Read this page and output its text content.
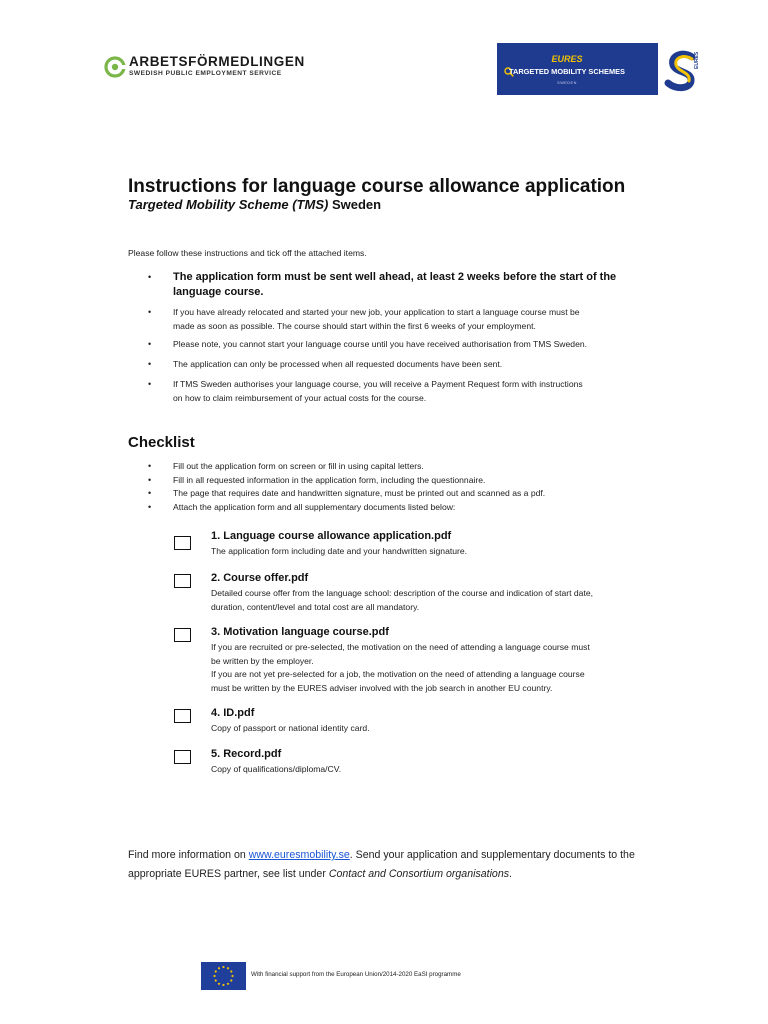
ARBETSFÖRMEDLINGEN
SWEDISH PUBLIC EMPLOYMENT SERVICE
EURES
TARGETED MOBILITY SCHEMES
SWEDEN
EURES
Instructions for language course allowance application
Targeted Mobility Scheme (TMS) Sweden
Please follow these instructions and tick off the attached items.
• The application form must be sent well ahead, at least 2 weeks before the start of the
language course.
•	If you have already relocated and started your new job, your application to start a language course must be
made as soon as possible. The course should start within the first 6 weeks of your employment.
•	Please note, you cannot start your language course until you have received authorisation from TMS Sweden.
•	The application can only be processed when all requested documents have been sent.
•	If TMS Sweden authorises your language course, you will receive a Payment Request form with instructions
on how to claim reimbursement of your actual costs for the course.
Checklist
•	Fill out the application form on screen or fill in using capital letters.
•	Fill in all requested information in the application form, including the questionnaire.
•	The page that requires date and handwritten signature, must be printed out and scanned as a pdf.
•	Attach the application form and all supplementary documents listed below:
1. Language course allowance application.pdf
The application form including date and your handwritten signature.
2. Course offer.pdf
Detailed course offer from the language school: description of the course and indication of start date,
duration, content/level and total cost are all mandatory.
3. Motivation language course.pdf
If you are recruited or pre-selected, the motivation on the need of attending a language course must
be written by the employer.
If you are not yet pre-selected for a job, the motivation on the need of attending a language course
must be written by the EURES adviser involved with the job search in another EU country.
4. ID.pdf
Copy of passport or national identity card.
5. Record.pdf
Copy of qualifications/diploma/CV.
Find more information on www.euresmobility.se. Send your application and supplementary documents to the appropriate EURES partner, see list under Contact and Consortium organisations.
With financial support from the European Union/2014-2020 EaSI programme
